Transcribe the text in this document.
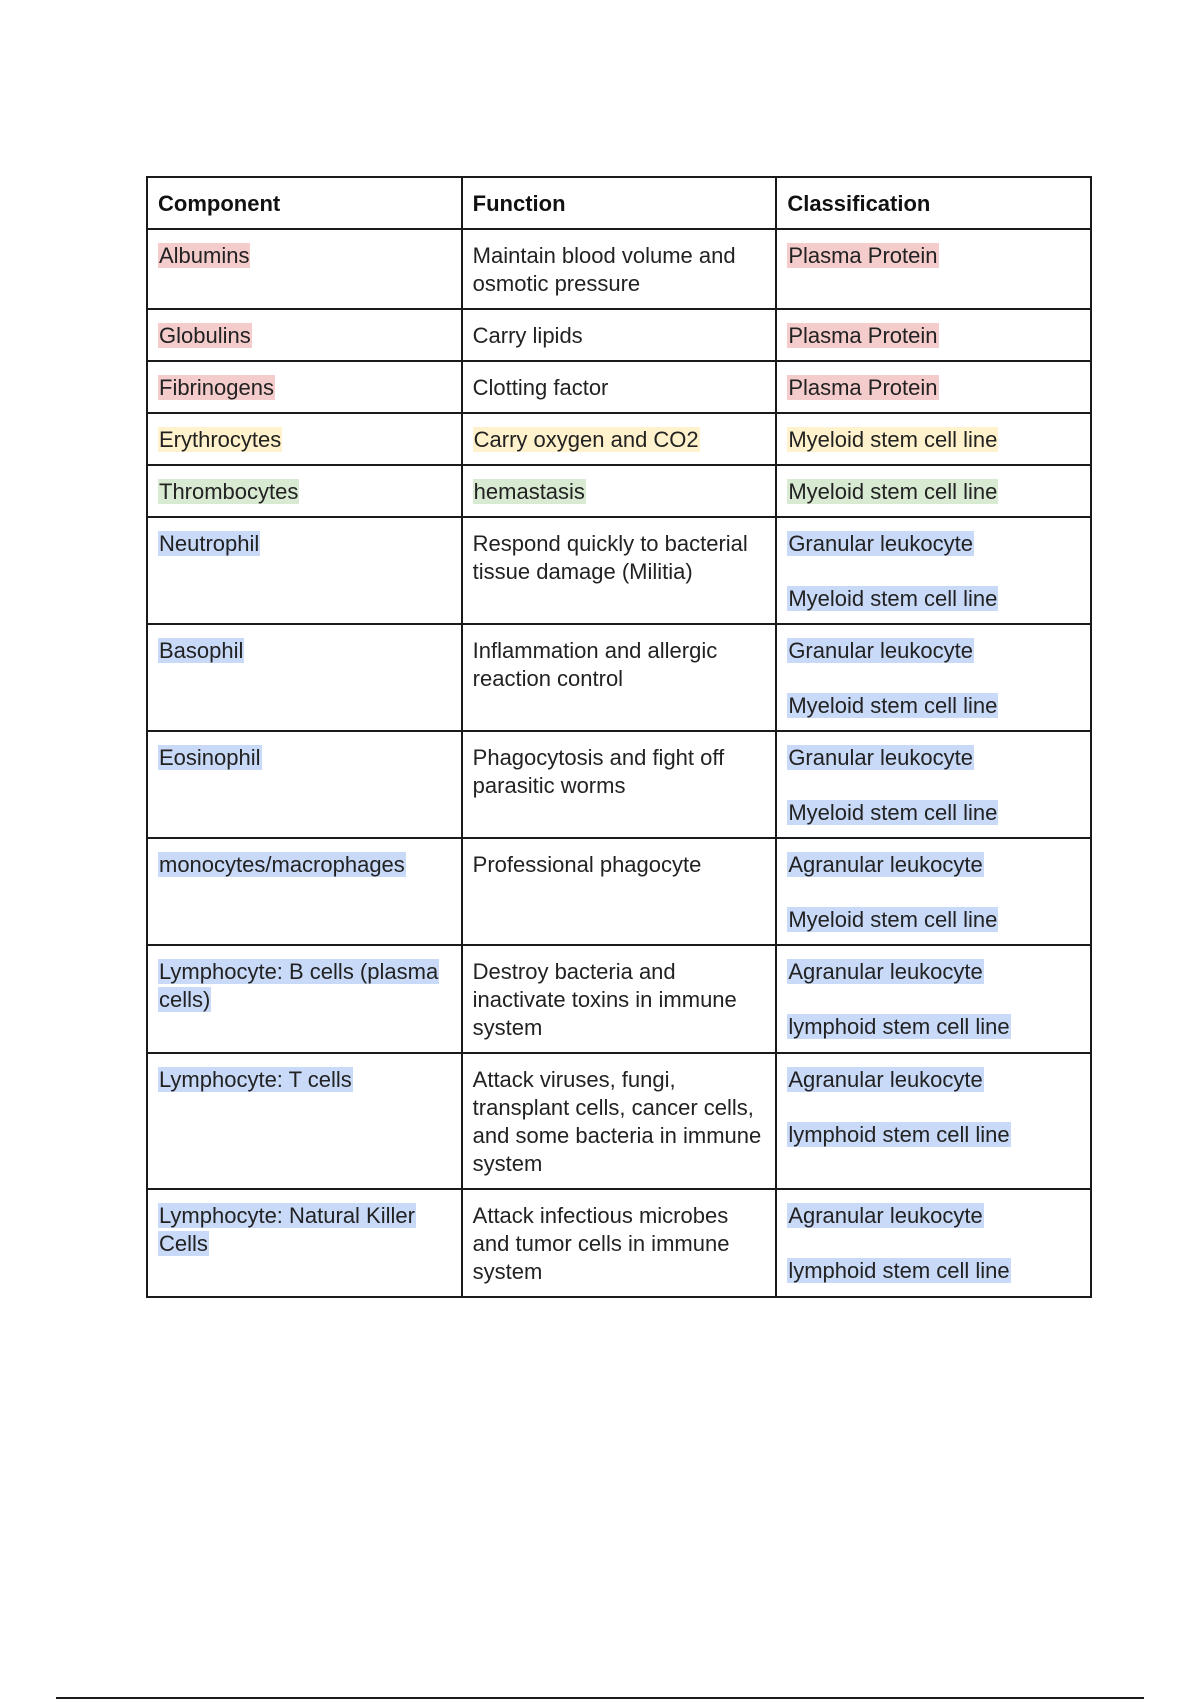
Component	Function	Classification
Albumins	Maintain blood volume and osmotic pressure	Plasma Protein
Globulins	Carry lipids	Plasma Protein
Fibrinogens	Clotting factor	Plasma Protein
Erythrocytes	Carry oxygen and CO2	Myeloid stem cell line
Thrombocytes	hemastasis	Myeloid stem cell line
Neutrophil	Respond quickly to bacterial tissue damage (Militia)	Granular leukocyte
Myeloid stem cell line

Basophil	Inflammation and allergic reaction control	Granular leukocyte
Myeloid stem cell line

Eosinophil	Phagocytosis and fight off parasitic worms	Granular leukocyte
Myeloid stem cell line

monocytes/macrophages	Professional phagocyte	Agranular leukocyte
Myeloid stem cell line

Lymphocyte: B cells (plasma cells)	Destroy bacteria and inactivate toxins in immune system	Agranular leukocyte
lymphoid stem cell line

Lymphocyte: T cells	Attack viruses, fungi, transplant cells, cancer cells, and some bacteria in immune system	Agranular leukocyte
lymphoid stem cell line

Lymphocyte: Natural Killer Cells	Attack infectious microbes and tumor cells in immune system	Agranular leukocyte
lymphoid stem cell line
